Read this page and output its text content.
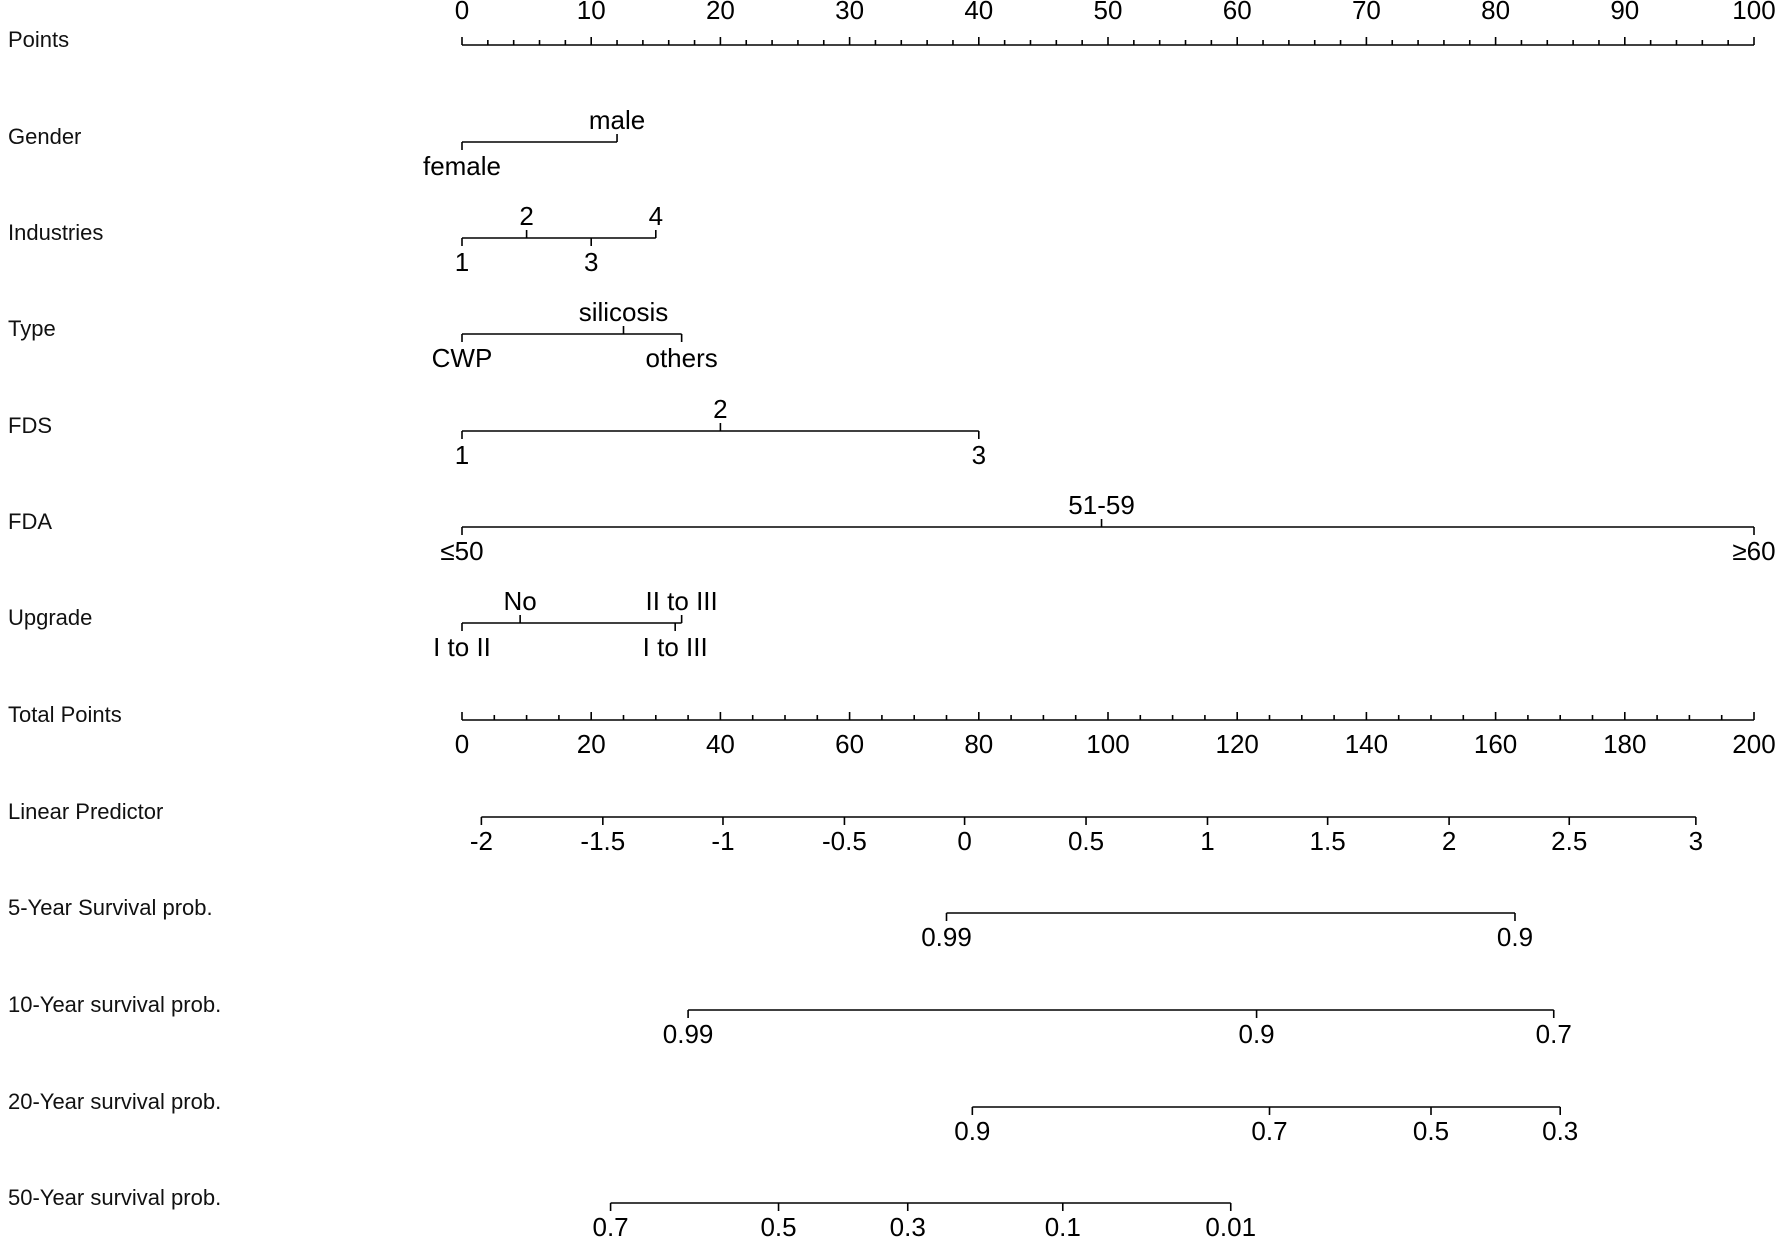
Points
0	10	20	30	40	50	60	70	80	90	100
Gender
female
male
Industries
1
2
3
4
Type
CWP
silicosis
others
FDS
1
2
3
FDA
≤50
51-59
≥60
Upgrade
I to II
No
I to III
II to III
Total Points
0	20	40	60	80	100	120	140	160	180	200
Linear Predictor
-2	-1.5	-1	-0.5	0	0.5	1	1.5	2	2.5	3
5-Year Survival prob.
0.99	0.9
10-Year survival prob.
0.99	0.9	0.7
20-Year survival prob.
0.9	0.7	0.5	0.3
50-Year survival prob.
0.7	0.5	0.3	0.1	0.01
